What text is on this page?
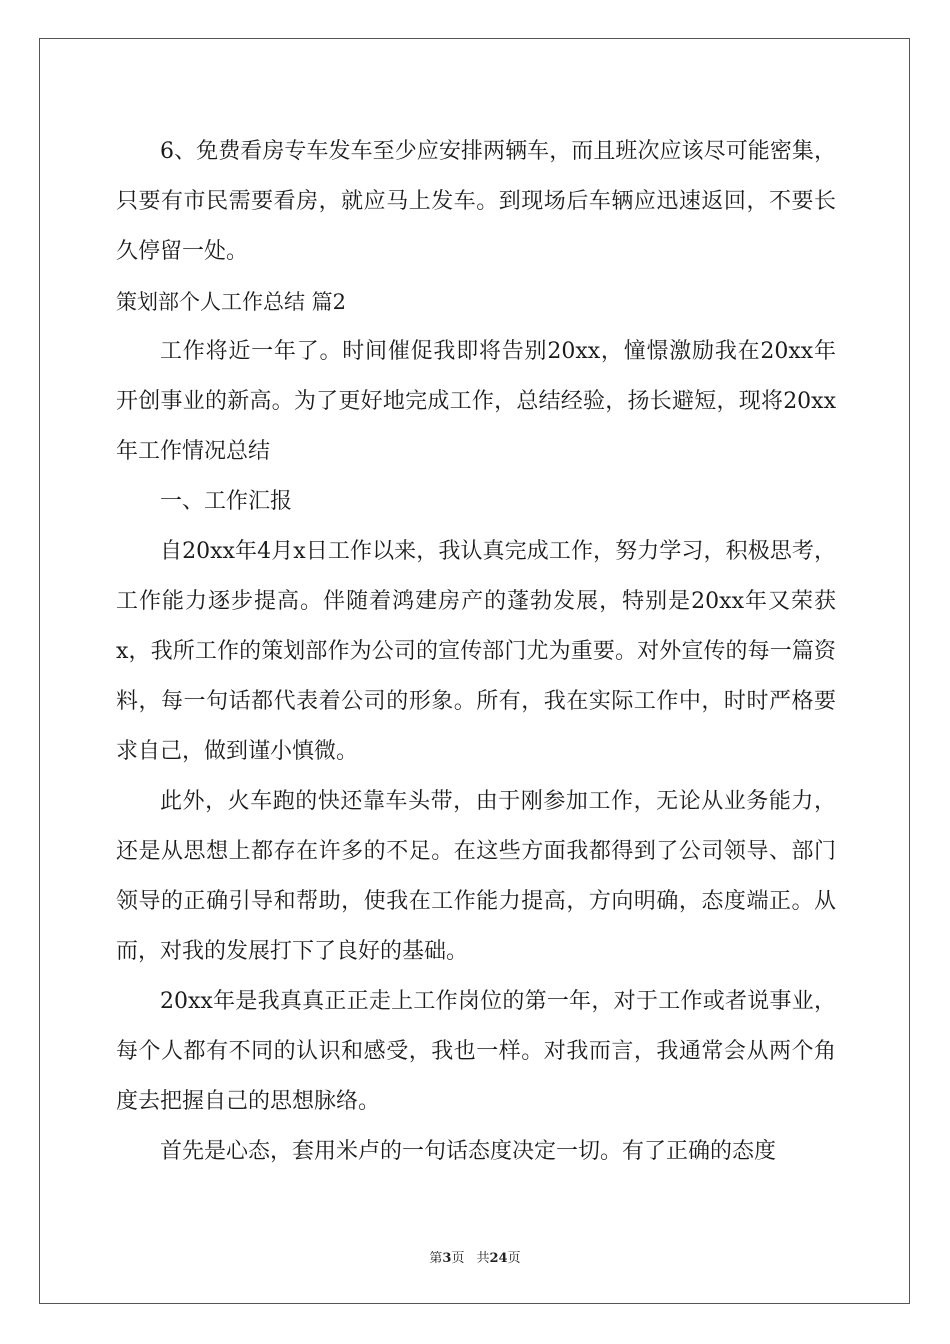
6、免费看房专车发车至少应安排两辆车，而且班次应该尽可能密集，只要有市民需要看房，就应马上发车。到现场后车辆应迅速返回，不要长久停留一处。

策划部个人工作总结 篇2

工作将近一年了。时间催促我即将告别20xx，憧憬激励我在20xx年开创事业的新高。为了更好地完成工作，总结经验，扬长避短，现将20xx年工作情况总结

一、工作汇报

自20xx年4月x日工作以来，我认真完成工作，努力学习，积极思考，工作能力逐步提高。伴随着鸿建房产的蓬勃发展，特别是20xx年又荣获x，我所工作的策划部作为公司的宣传部门尤为重要。对外宣传的每一篇资料，每一句话都代表着公司的形象。所有，我在实际工作中，时时严格要求自己，做到谨小慎微。

此外，火车跑的快还靠车头带，由于刚参加工作，无论从业务能力，还是从思想上都存在许多的不足。在这些方面我都得到了公司领导、部门领导的正确引导和帮助，使我在工作能力提高，方向明确，态度端正。从而，对我的发展打下了良好的基础。

20xx年是我真真正正走上工作岗位的第一年，对于工作或者说事业，每个人都有不同的认识和感受，我也一样。对我而言，我通常会从两个角度去把握自己的思想脉络。

首先是心态，套用米卢的一句话态度决定一切。有了正确的态度

第3页 共24页
